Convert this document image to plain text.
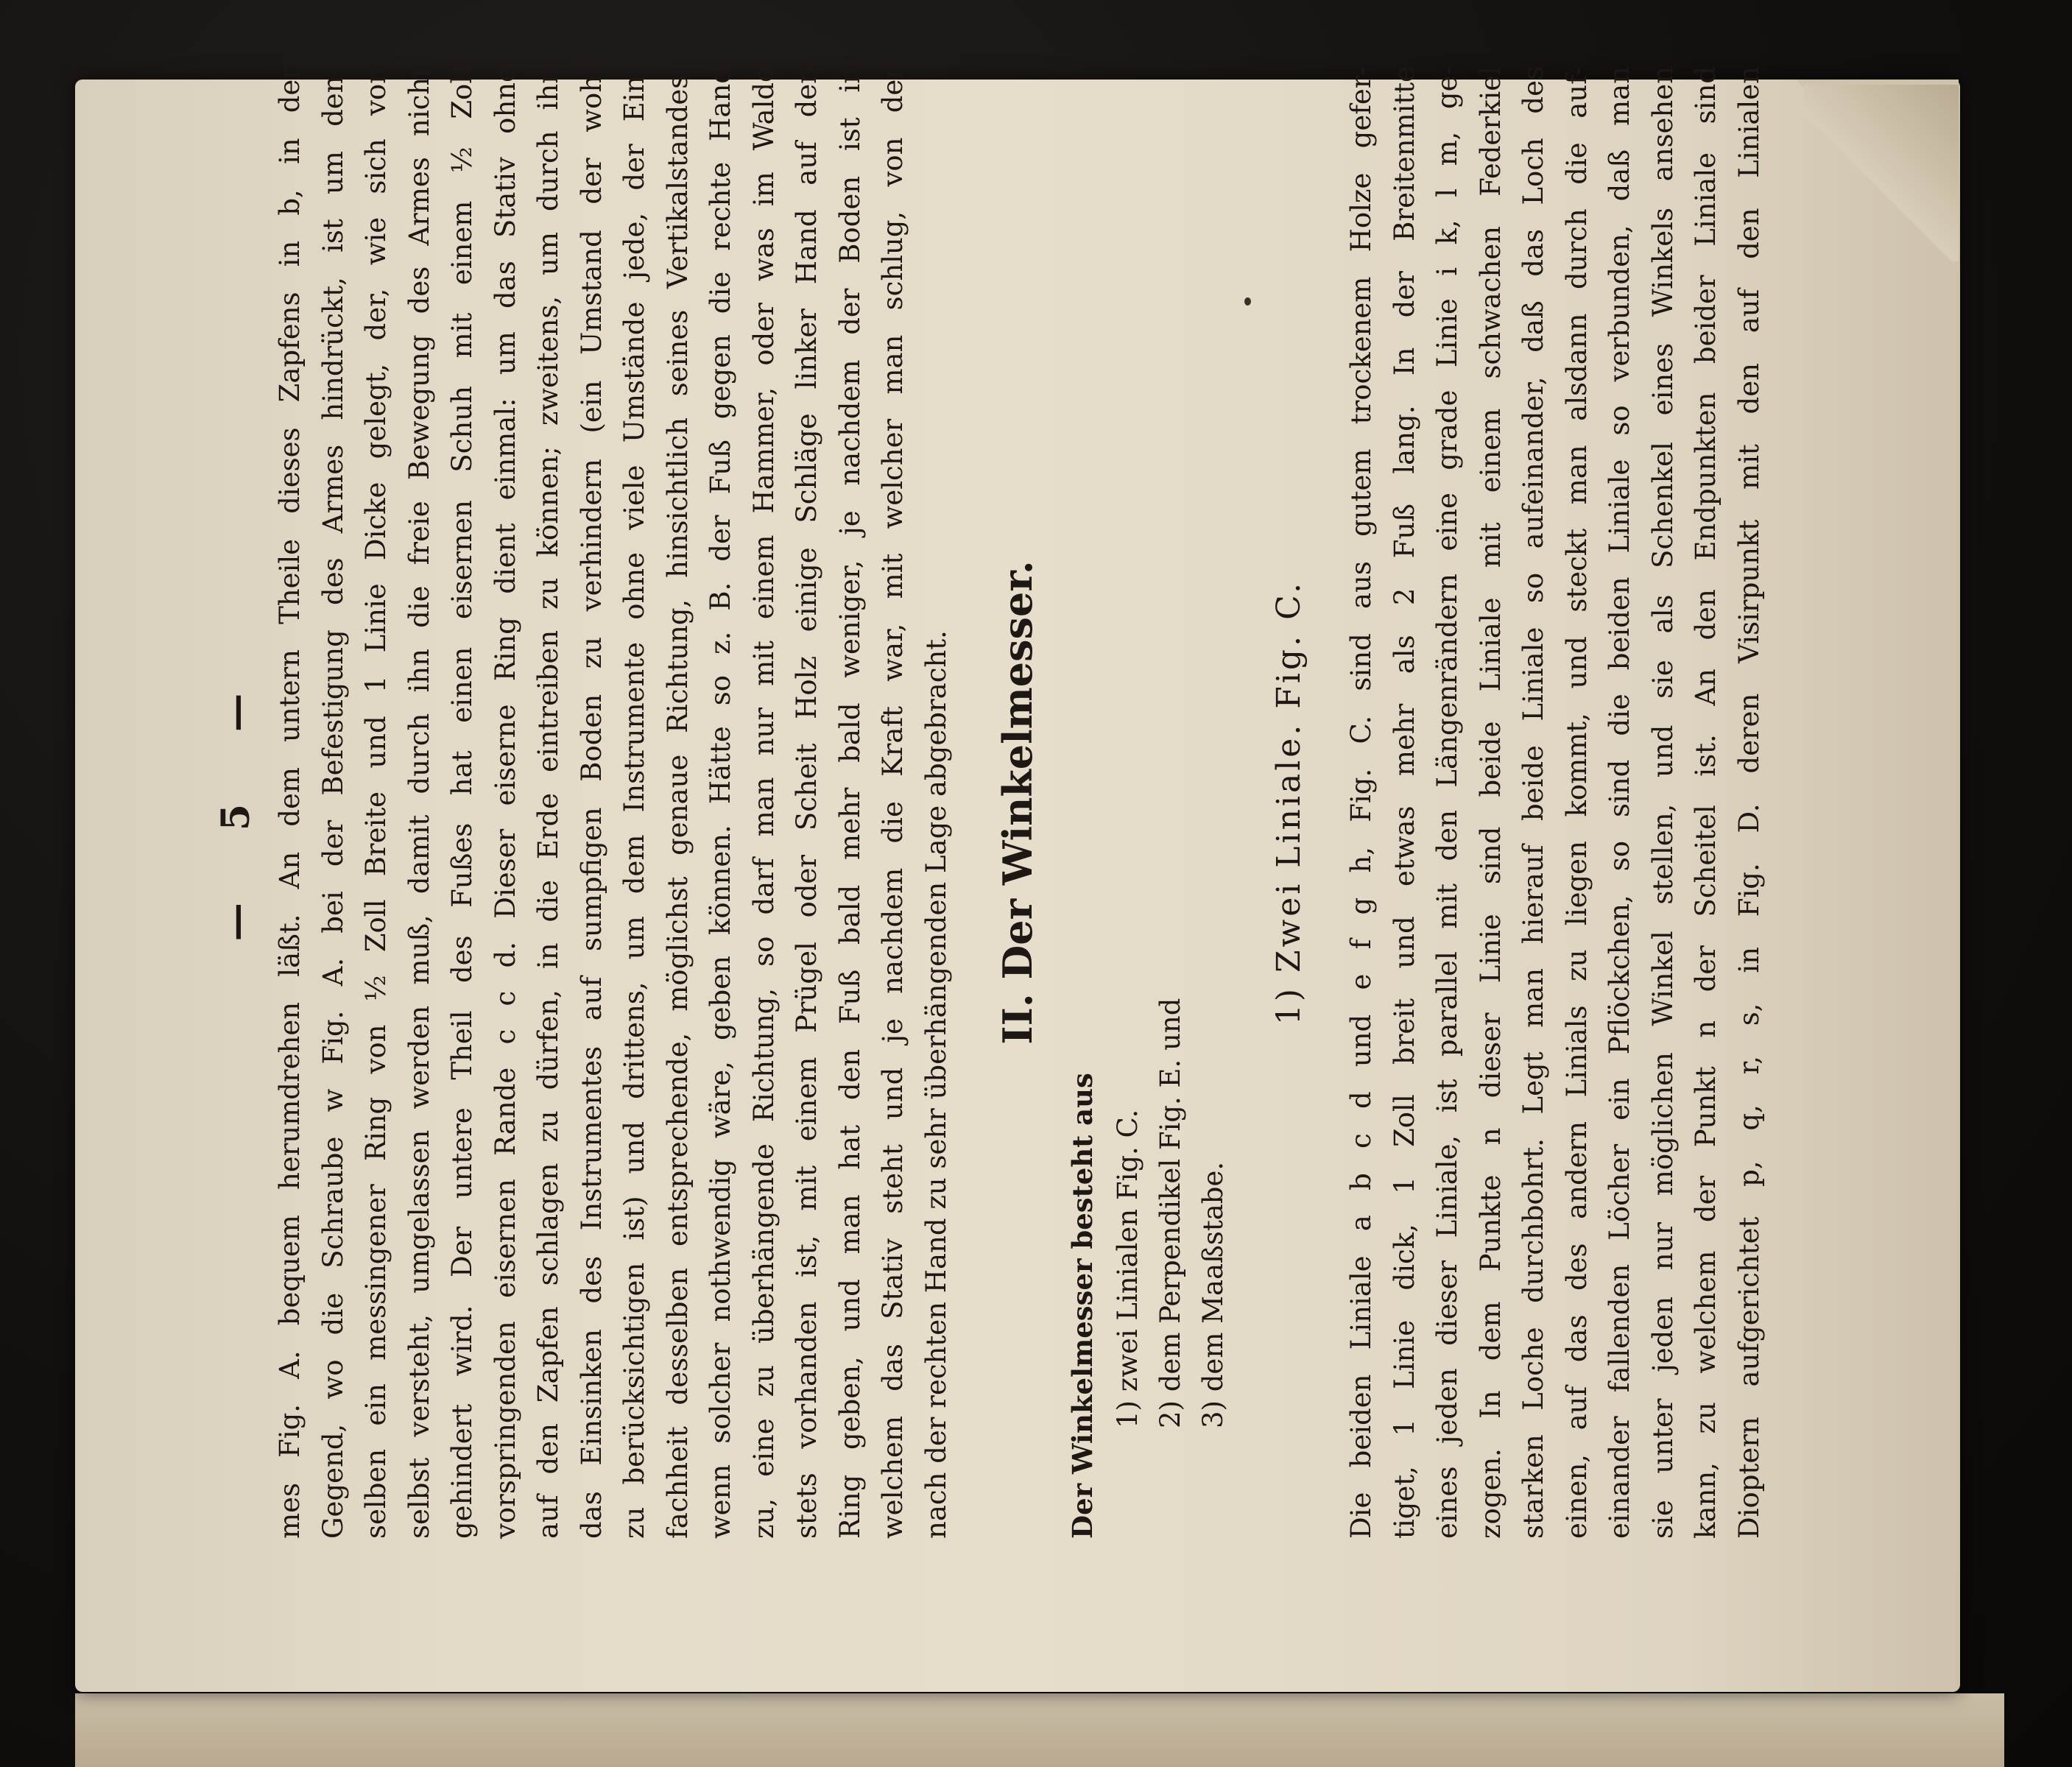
— 5 — mes Fig. A. bequem herumdrehen läßt. An dem untern Theile dieses Zapfens in b, in der Gegend, wo die Schraube w Fig. A. bei der Befestigung des Armes hindrückt, ist um den- selben ein messingener Ring von ½ Zoll Breite und 1 Linie Dicke gelegt, der, wie sich von selbst versteht, umgelassen werden muß, damit durch ihn die freie Bewegung des Armes nicht gehindert wird. Der untere Theil des Fußes hat einen eisernen Schuh mit einem ½ Zoll vorspringenden eisernen Rande c c d. Dieser eiserne Ring dient einmal: um das Stativ ohne auf den Zapfen schlagen zu dürfen, in die Erde eintreiben zu können; zweitens, um durch ihn das Einsinken des Instrumentes auf sumpfigen Boden zu verhindern (ein Umstand der wohl zu berücksichtigen ist) und drittens, um dem Instrumente ohne viele Umstände jede, der Ein- fachheit desselben entsprechende, möglichst genaue Richtung, hinsichtlich seines Vertikalstandes, wenn solcher nothwendig wäre, geben können. Hätte so z. B. der Fuß gegen die rechte Hand zu, eine zu überhängende Richtung, so darf man nur mit einem Hammer, oder was im Walde stets vorhanden ist, mit einem Prügel oder Scheit Holz einige Schläge linker Hand auf den Ring geben, und man hat den Fuß bald mehr bald weniger, je nachdem der Boden ist in welchem das Stativ steht und je nachdem die Kraft war, mit welcher man schlug, von der nach der rechten Hand zu sehr überhängenden Lage abgebracht. II. Der Winkelmesser.
Der Winkelmesser besteht aus 1) zwei Linialen Fig. C. 2) dem Perpendikel Fig. E. und 3) dem Maaßstabe.
1) Zwei Liniale. Fig. C. Die beiden Liniale a b c d und e f g h, Fig. C. sind aus gutem trockenem Holze gefer- tiget, 1 Linie dick, 1 Zoll breit und etwas mehr als 2 Fuß lang. In der Breitenmitte eines jeden dieser Liniale, ist parallel mit den Längenrändern eine grade Linie i k, l m, ge- zogen. In dem Punkte n dieser Linie sind beide Liniale mit einem schwachen Federkiel starken Loche durchbohrt. Legt man hierauf beide Liniale so aufeinander, daß das Loch des einen, auf das des andern Linials zu liegen kommt, und steckt man alsdann durch die auf- einander fallenden Löcher ein Pflöckchen, so sind die beiden Liniale so verbunden, daß man sie unter jeden nur möglichen Winkel stellen, und sie als Schenkel eines Winkels ansehen kann, zu welchem der Punkt n der Scheitel ist. An den Endpunkten beider Liniale sind Dioptern aufgerichtet p, q, r, s, in Fig. D. deren Visirpunkt mit den auf den Linialen
